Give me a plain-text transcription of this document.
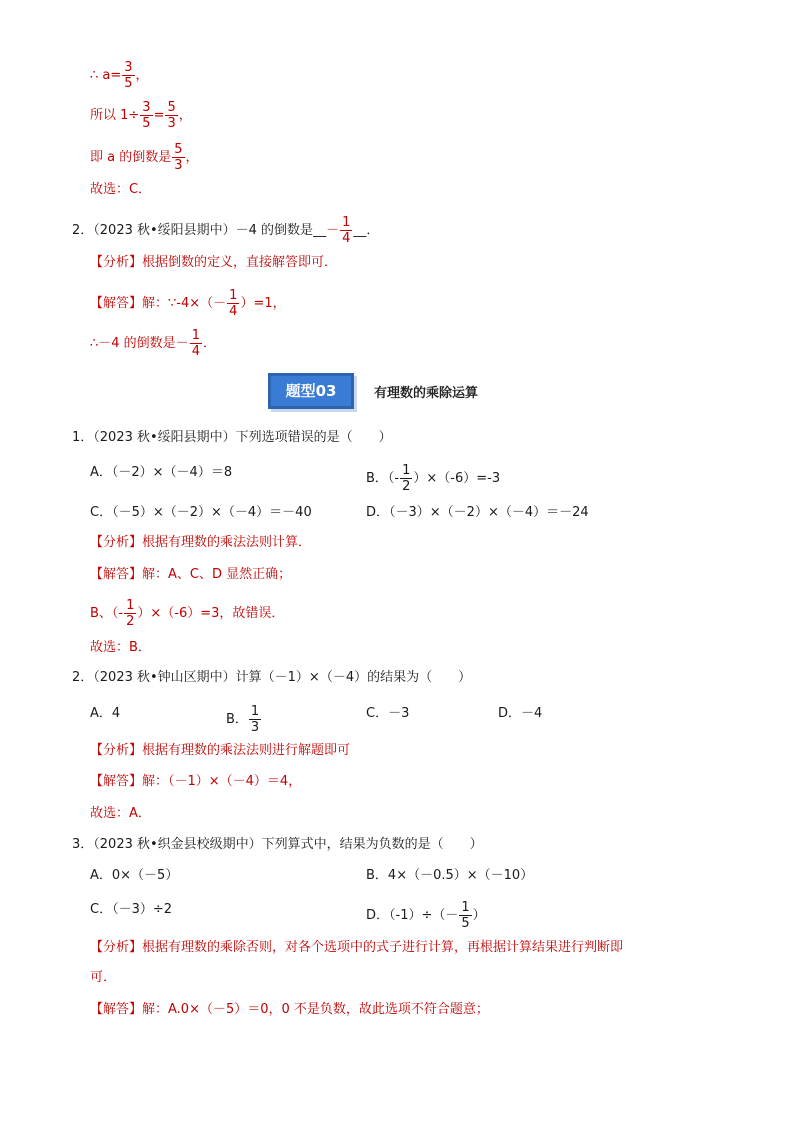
∴ $a= \frac{3}{5}$ ，
所以 $1\div \frac{3}{5} = \frac{5}{3}$ ，
即 a 的倒数是 $\frac{5}{3}$ ，
故选：C．
2．（2023 秋•绥阳县期中）－4 的倒数是__－ $\frac{1}{4}$ __．
【分析】根据倒数的定义，直接解答即可．
【解答】解：∵-4×（－ $\frac{1}{4} )=1$，
∴－4 的倒数是－ $\frac{1}{4}$ ．
题型03	有理数的乘除运算
1．（2023 秋•绥阳县期中）下列选项错误的是（　　）
A．（－2）×（－4）＝8	B．（- $\frac{1}{2} )\times(-6)=-3$
C．（－5）×（－2）×（－4）＝－40	D．（－3）×（－2）×（－4）＝－24
【分析】根据有理数的乘法法则计算．
【解答】解：A、C、D 显然正确；
B、（- $\frac{1}{2} )\times(-6)=3$，故错误．
故选：B．
2．（2023 秋•钟山区期中）计算（－1）×（－4）的结果为（　　）
A．4	B． $\frac{1}{3}$	C．－3	D．－4
【分析】根据有理数的乘法法则进行解题即可
【解答】解：（－1）×（－4）＝4，
故选：A．
3．（2023 秋•织金县校级期中）下列算式中，结果为负数的是（　　）
A．0×（－5）	B．4×（－0.5）×（－10）
C．（－3）÷2	D．$(-1)\div(- \frac{1}{5}$ ）
【分析】根据有理数的乘除否则，对各个选项中的式子进行计算，再根据计算结果进行判断即
可．
【解答】解：A.0×（－5）＝0，0 不是负数，故此选项不符合题意；
